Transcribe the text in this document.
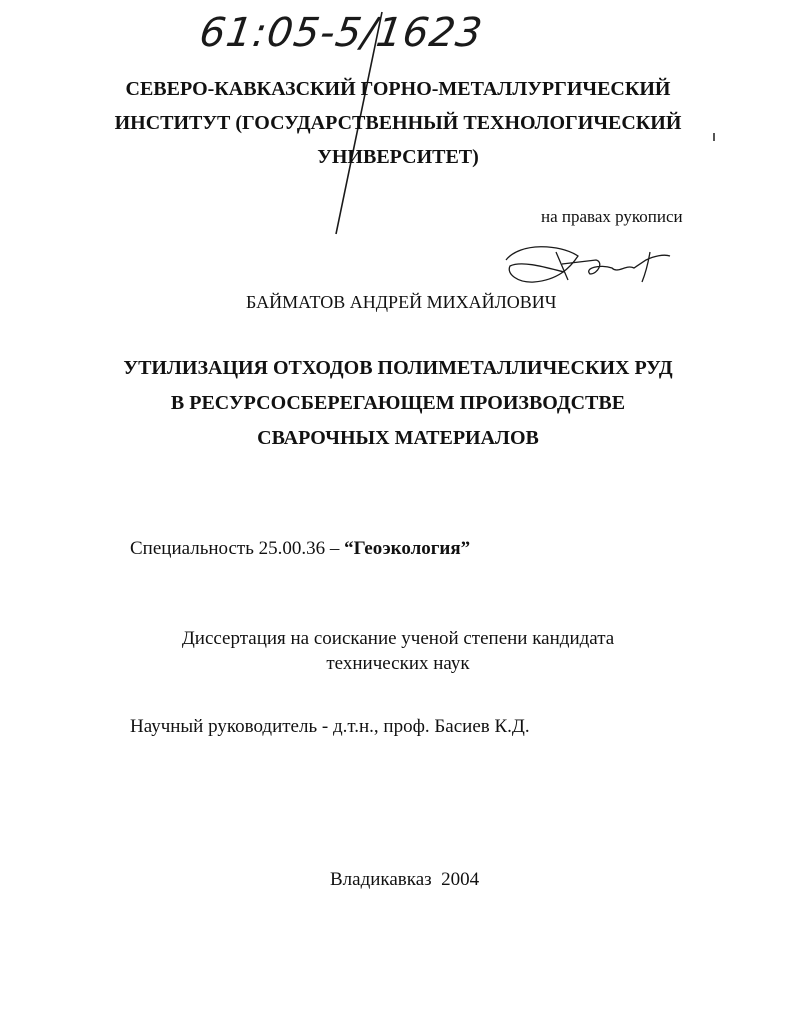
61:05-5/1623
СЕВЕРО-КАВКАЗСКИЙ ГОРНО-МЕТАЛЛУРГИЧЕСКИЙ
ИНСТИТУТ (ГОСУДАРСТВЕННЫЙ ТЕХНОЛОГИЧЕСКИЙ
УНИВЕРСИТЕТ)
на правах рукописи
БАЙМАТОВ АНДРЕЙ МИХАЙЛОВИЧ
УТИЛИЗАЦИЯ ОТХОДОВ ПОЛИМЕТАЛЛИЧЕСКИХ РУД
В РЕСУРСОСБЕРЕГАЮЩЕМ ПРОИЗВОДСТВЕ
СВАРОЧНЫХ МАТЕРИАЛОВ
Специальность 25.00.36 – “Геоэкология”
Диссертация на соискание ученой степени кандидата
технических наук
Научный руководитель - д.т.н., проф. Басиев К.Д.
Владикавказ  2004
